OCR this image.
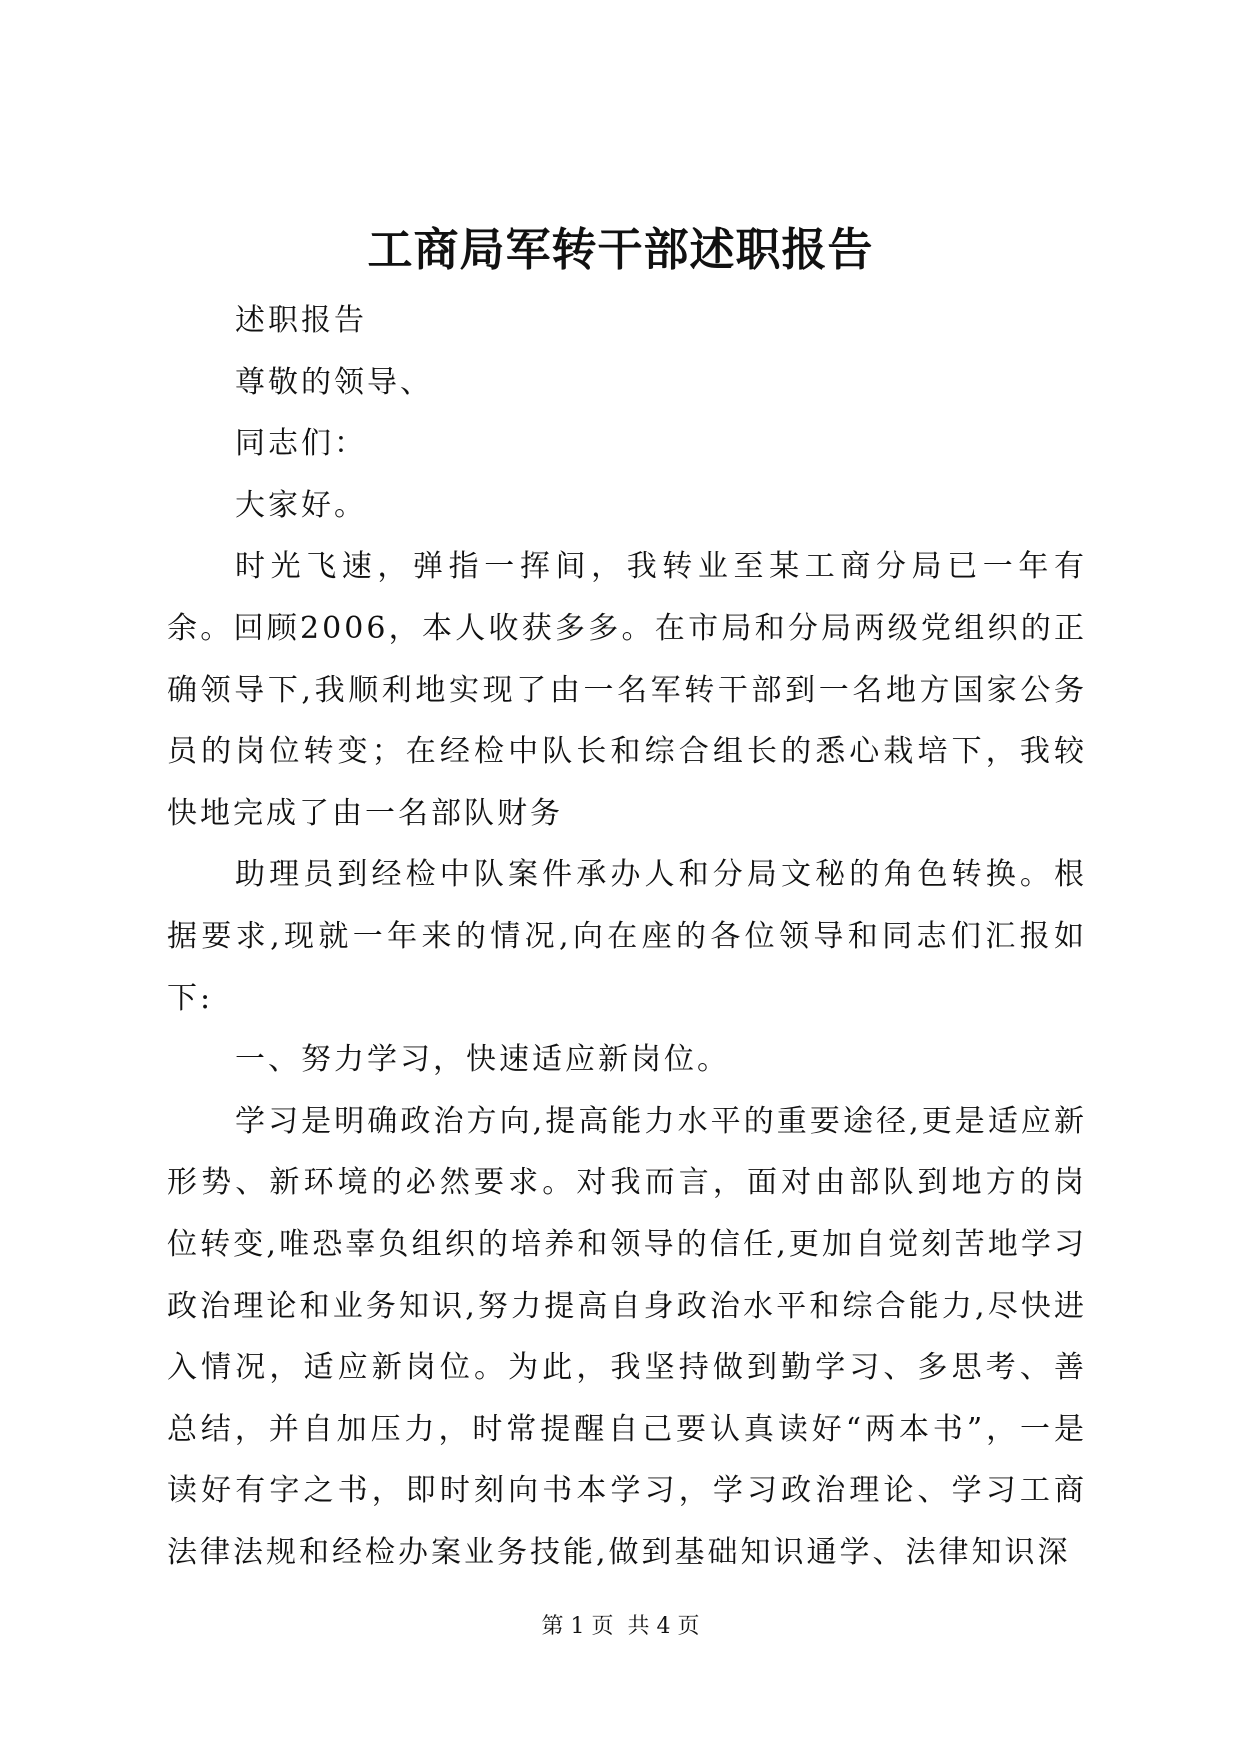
工商局军转干部述职报告

述职报告

尊敬的领导、

同志们：

大家好。

时光飞速，弹指一挥间，我转业至某工商分局已一年有余。回顾2006，本人收获多多。在市局和分局两级党组织的正确领导下,我顺利地实现了由一名军转干部到一名地方国家公务员的岗位转变；在经检中队长和综合组长的悉心栽培下，我较快地完成了由一名部队财务

助理员到经检中队案件承办人和分局文秘的角色转换。根据要求,现就一年来的情况,向在座的各位领导和同志们汇报如下:

一、努力学习，快速适应新岗位。

学习是明确政治方向,提高能力水平的重要途径,更是适应新形势、新环境的必然要求。对我而言，面对由部队到地方的岗位转变,唯恐辜负组织的培养和领导的信任,更加自觉刻苦地学习政治理论和业务知识,努力提高自身政治水平和综合能力,尽快进入情况，适应新岗位。为此，我坚持做到勤学习、多思考、善总结，并自加压力，时常提醒自己要认真读好“两本书”，一是读好有字之书，即时刻向书本学习，学习政治理论、学习工商法律法规和经检办案业务技能,做到基础知识通学、法律知识深

第 1 页  共 4 页
